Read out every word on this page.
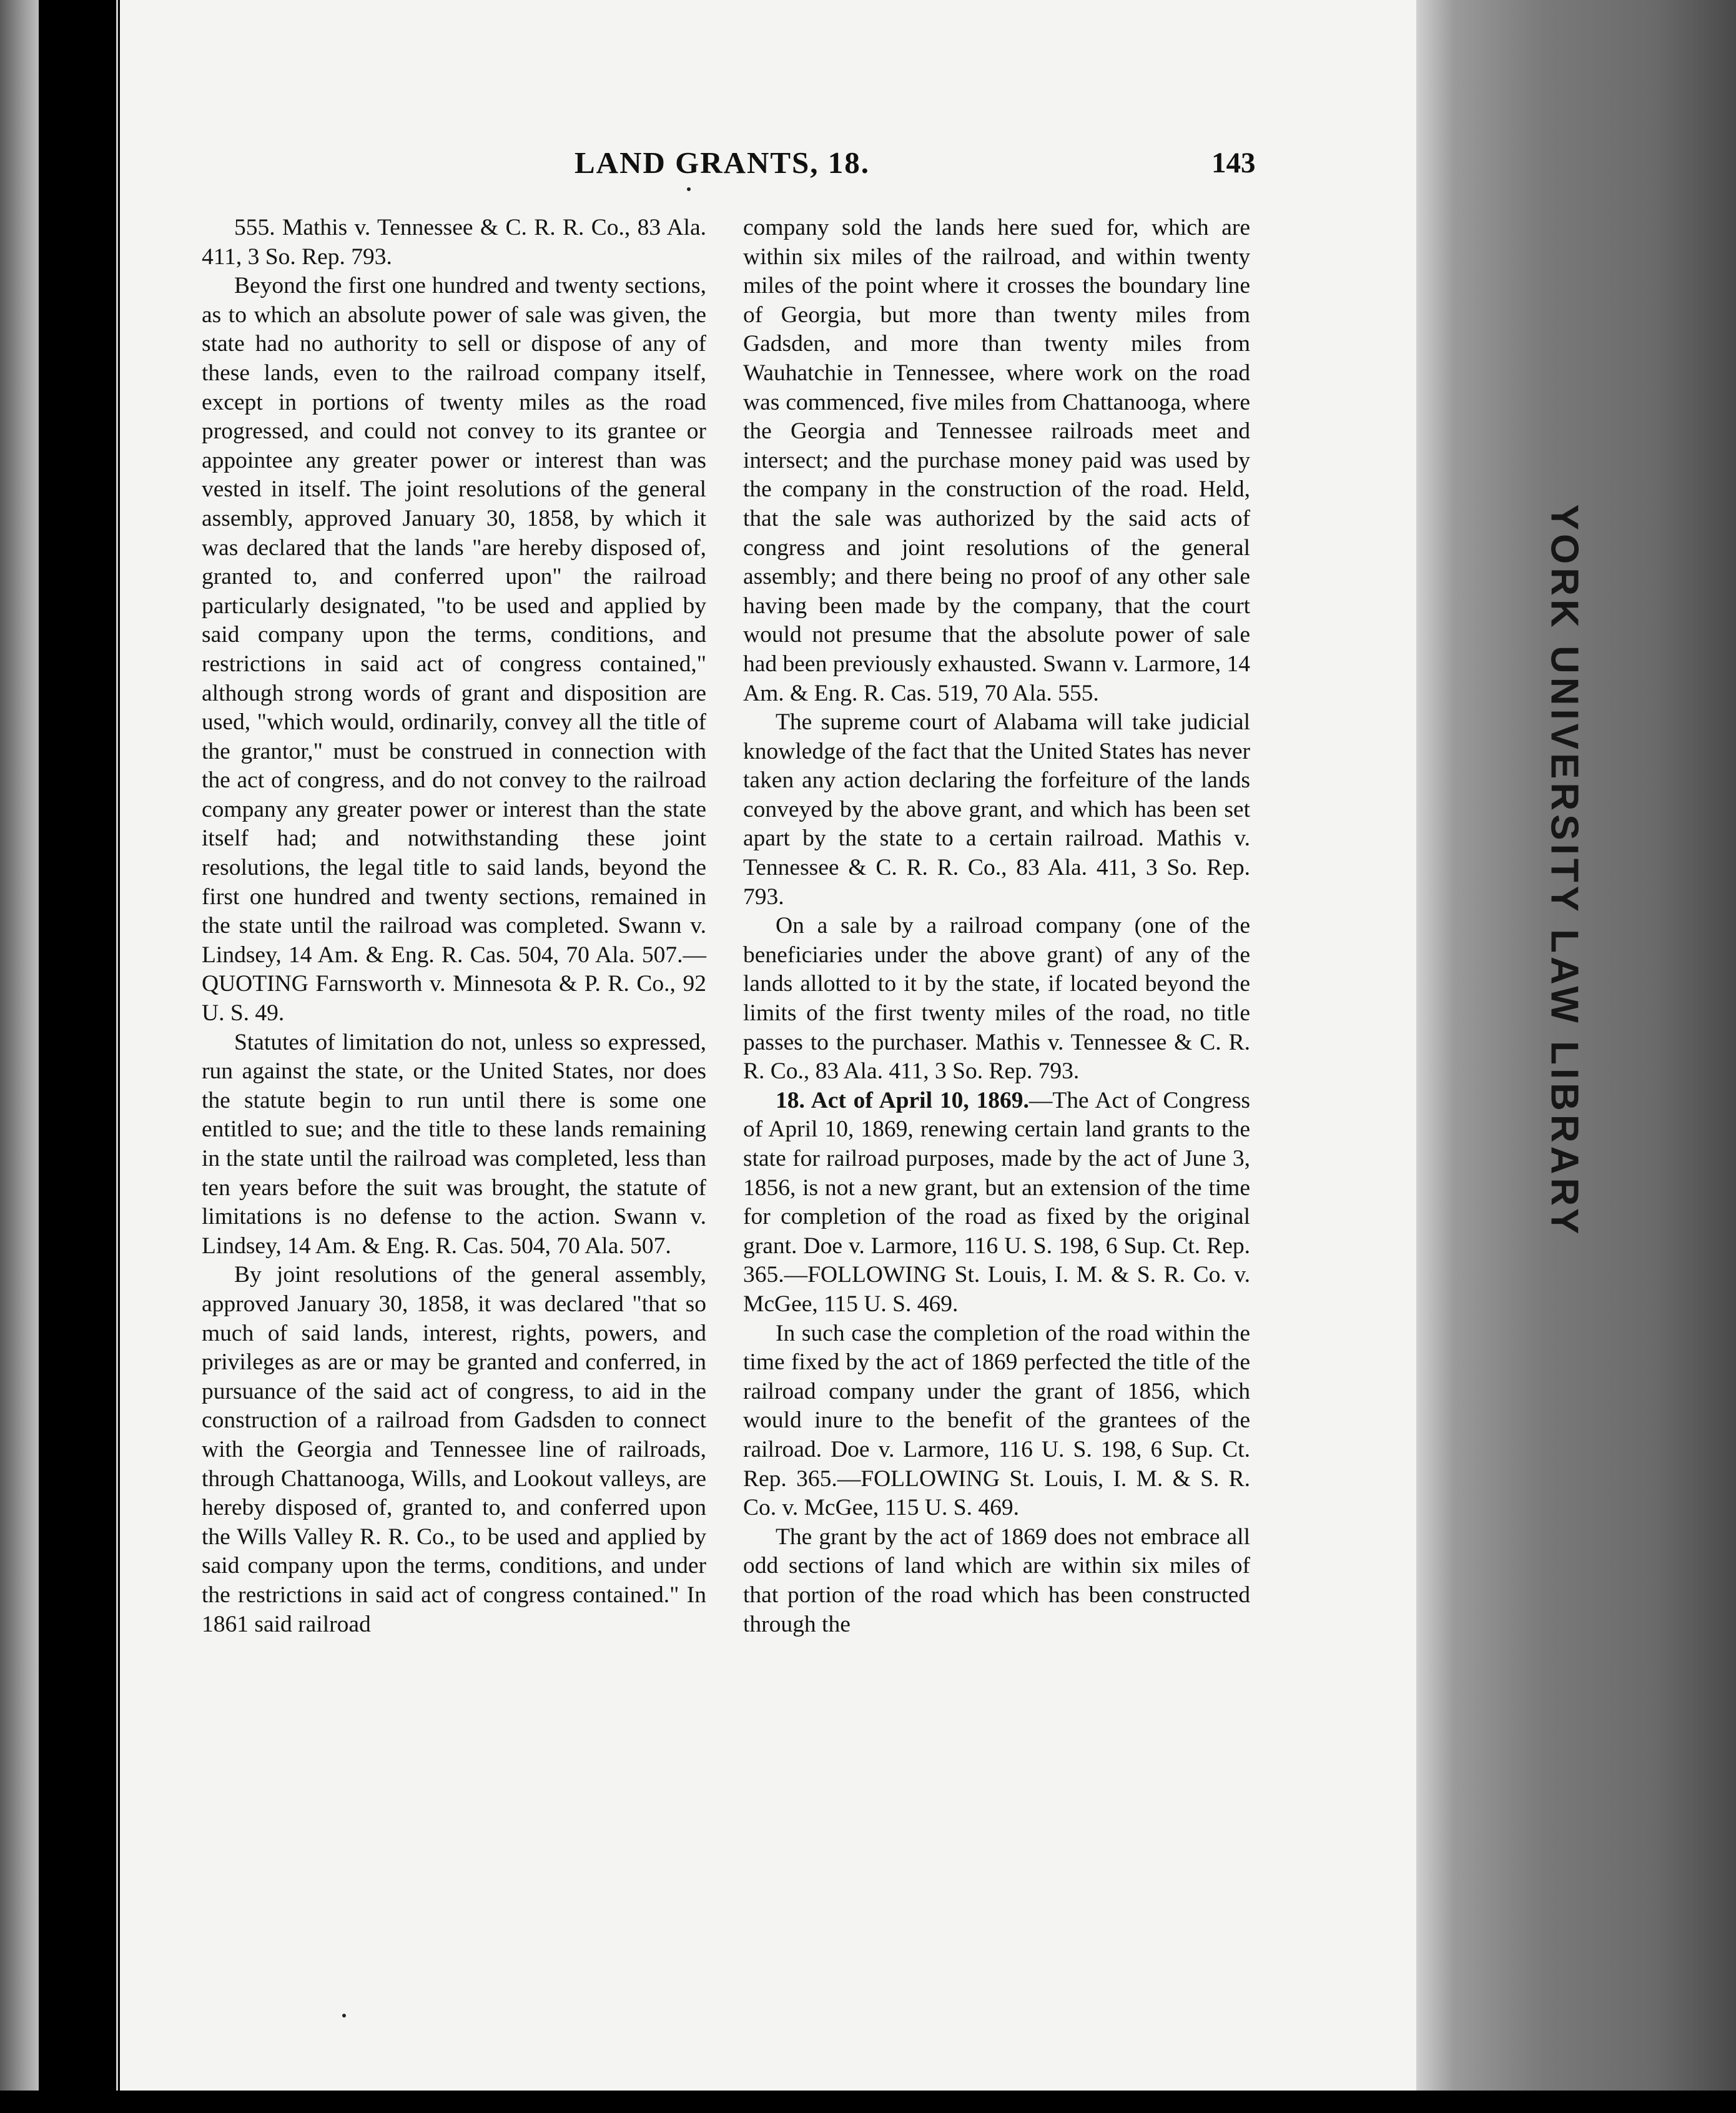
YORK UNIVERSITY LAW LIBRARY
LAND GRANTS, 18.	143

555. Mathis v. Tennessee & C. R. R. Co., 83 Ala. 411, 3 So. Rep. 793.

Beyond the first one hundred and twenty sections, as to which an absolute power of sale was given, the state had no authority to sell or dispose of any of these lands, even to the railroad company itself, except in portions of twenty miles as the road progressed, and could not convey to its grantee or appointee any greater power or interest than was vested in itself. The joint resolutions of the general assembly, approved January 30, 1858, by which it was declared that the lands "are hereby disposed of, granted to, and conferred upon" the railroad particularly designated, "to be used and applied by said company upon the terms, conditions, and restrictions in said act of congress contained," although strong words of grant and disposition are used, "which would, ordinarily, convey all the title of the grantor," must be construed in connection with the act of congress, and do not convey to the railroad company any greater power or interest than the state itself had; and notwithstanding these joint resolutions, the legal title to said lands, beyond the first one hundred and twenty sections, remained in the state until the railroad was completed. Swann v. Lindsey, 14 Am. & Eng. R. Cas. 504, 70 Ala. 507.—QUOTING Farnsworth v. Minnesota & P. R. Co., 92 U. S. 49.

Statutes of limitation do not, unless so expressed, run against the state, or the United States, nor does the statute begin to run until there is some one entitled to sue; and the title to these lands remaining in the state until the railroad was completed, less than ten years before the suit was brought, the statute of limitations is no defense to the action. Swann v. Lindsey, 14 Am. & Eng. R. Cas. 504, 70 Ala. 507.

By joint resolutions of the general assembly, approved January 30, 1858, it was declared "that so much of said lands, interest, rights, powers, and privileges as are or may be granted and conferred, in pursuance of the said act of congress, to aid in the construction of a railroad from Gadsden to connect with the Georgia and Tennessee line of railroads, through Chattanooga, Wills, and Lookout valleys, are hereby disposed of, granted to, and conferred upon the Wills Valley R. R. Co., to be used and applied by said company upon the terms, conditions, and under the restrictions in said act of congress contained." In 1861 said railroad

company sold the lands here sued for, which are within six miles of the railroad, and within twenty miles of the point where it crosses the boundary line of Georgia, but more than twenty miles from Gadsden, and more than twenty miles from Wauhatchie in Tennessee, where work on the road was commenced, five miles from Chattanooga, where the Georgia and Tennessee railroads meet and intersect; and the purchase money paid was used by the company in the construction of the road. Held, that the sale was authorized by the said acts of congress and joint resolutions of the general assembly; and there being no proof of any other sale having been made by the company, that the court would not presume that the absolute power of sale had been previously exhausted. Swann v. Larmore, 14 Am. & Eng. R. Cas. 519, 70 Ala. 555.

The supreme court of Alabama will take judicial knowledge of the fact that the United States has never taken any action declaring the forfeiture of the lands conveyed by the above grant, and which has been set apart by the state to a certain railroad. Mathis v. Tennessee & C. R. R. Co., 83 Ala. 411, 3 So. Rep. 793.

On a sale by a railroad company (one of the beneficiaries under the above grant) of any of the lands allotted to it by the state, if located beyond the limits of the first twenty miles of the road, no title passes to the purchaser. Mathis v. Tennessee & C. R. R. Co., 83 Ala. 411, 3 So. Rep. 793.

18. Act of April 10, 1869.—The Act of Congress of April 10, 1869, renewing certain land grants to the state for railroad purposes, made by the act of June 3, 1856, is not a new grant, but an extension of the time for completion of the road as fixed by the original grant. Doe v. Larmore, 116 U. S. 198, 6 Sup. Ct. Rep. 365.—FOLLOWING St. Louis, I. M. & S. R. Co. v. McGee, 115 U. S. 469.

In such case the completion of the road within the time fixed by the act of 1869 perfected the title of the railroad company under the grant of 1856, which would inure to the benefit of the grantees of the railroad. Doe v. Larmore, 116 U. S. 198, 6 Sup. Ct. Rep. 365.—FOLLOWING St. Louis, I. M. & S. R. Co. v. McGee, 115 U. S. 469.

The grant by the act of 1869 does not embrace all odd sections of land which are within six miles of that portion of the road which has been constructed through the
